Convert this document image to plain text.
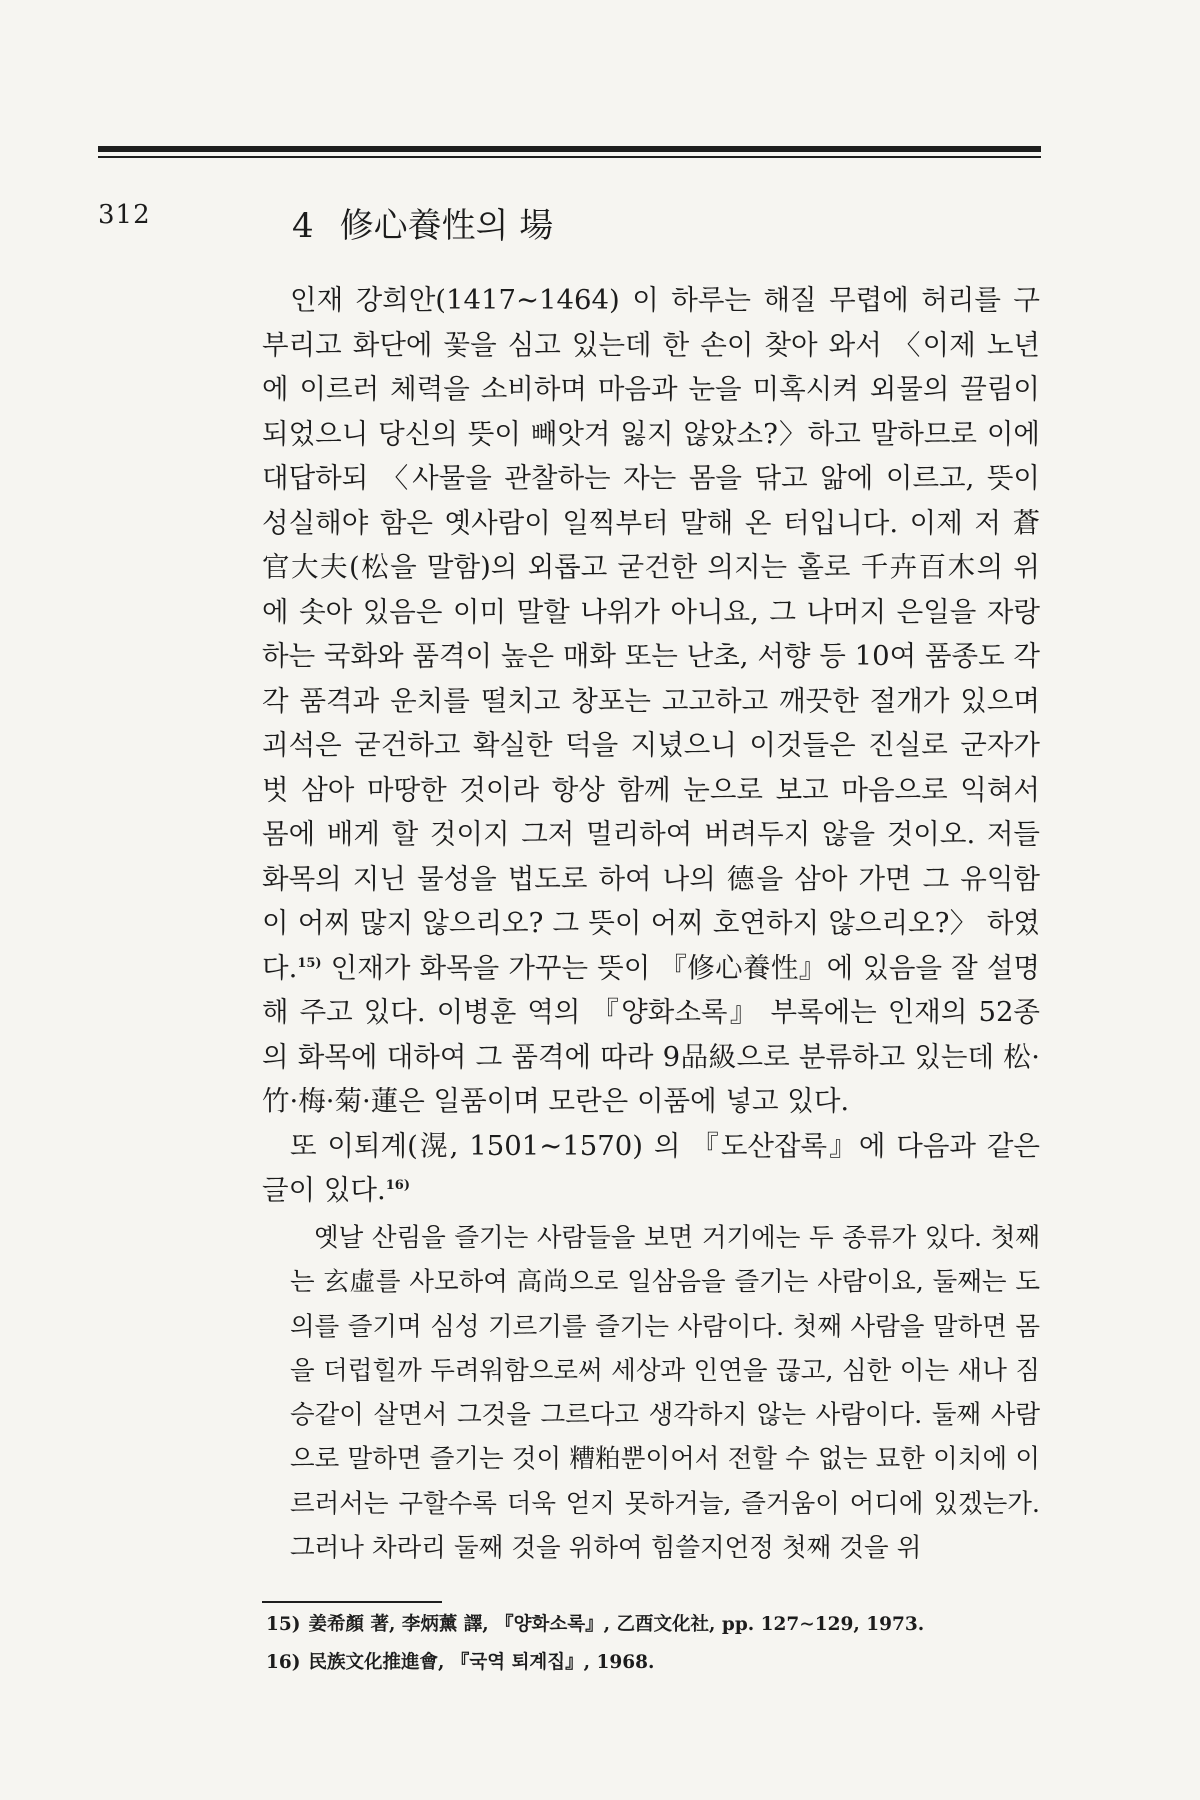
312	4 修心養性의 場

인재 강희안(1417∼1464) 이 하루는 해질 무렵에 허리를 구부리고 화단에 꽃을 심고 있는데 한 손이 찾아 와서 〈이제 노년에 이르러 체력을 소비하며 마음과 눈을 미혹시켜 외물의 끌림이 되었으니 당신의 뜻이 빼앗겨 잃지 않았소?〉하고 말하므로 이에 대답하되 〈사물을 관찰하는 자는 몸을 닦고 앎에 이르고, 뜻이 성실해야 함은 옛사람이 일찍부터 말해 온 터입니다. 이제 저 蒼官大夫(松을 말함)의 외롭고 굳건한 의지는 홀로 千卉百木의 위에 솟아 있음은 이미 말할 나위가 아니요, 그 나머지 은일을 자랑하는 국화와 품격이 높은 매화 또는 난초, 서향 등 10여 품종도 각각 품격과 운치를 떨치고 창포는 고고하고 깨끗한 절개가 있으며 괴석은 굳건하고 확실한 덕을 지녔으니 이것들은 진실로 군자가 벗 삼아 마땅한 것이라 항상 함께 눈으로 보고 마음으로 익혀서 몸에 배게 할 것이지 그저 멀리하여 버려두지 않을 것이오. 저들 화목의 지닌 물성을 법도로 하여 나의 德을 삼아 가면 그 유익함이 어찌 많지 않으리오? 그 뜻이 어찌 호연하지 않으리오?〉 하였다.$^{15)}$ 인재가 화목을 가꾸는 뜻이 『修心養性』에 있음을 잘 설명해 주고 있다. 이병훈 역의 『양화소록』 부록에는 인재의 52종의 화목에 대하여 그 품격에 따라 9品級으로 분류하고 있는데 松·竹·梅·菊·蓮은 일품이며 모란은 이품에 넣고 있다.

또 이퇴계(滉, 1501∼1570) 의 『도산잡록』에 다음과 같은 글이 있다.$^{16)}$

옛날 산림을 즐기는 사람들을 보면 거기에는 두 종류가 있다. 첫째는 玄虛를 사모하여 高尚으로 일삼음을 즐기는 사람이요, 둘째는 도의를 즐기며 심성 기르기를 즐기는 사람이다. 첫째 사람을 말하면 몸을 더럽힐까 두려워함으로써 세상과 인연을 끊고, 심한 이는 새나 짐승같이 살면서 그것을 그르다고 생각하지 않는 사람이다. 둘째 사람으로 말하면 즐기는 것이 糟粕뿐이어서 전할 수 없는 묘한 이치에 이르러서는 구할수록 더욱 얻지 못하거늘, 즐거움이 어디에 있겠는가. 그러나 차라리 둘째 것을 위하여 힘쓸지언정 첫째 것을 위

15) 姜希顏 著, 李炳薰 譯, 『양화소록』, 乙酉文化社, pp. 127∼129, 1973.
16) 民族文化推進會, 『국역 퇴계집』, 1968.
